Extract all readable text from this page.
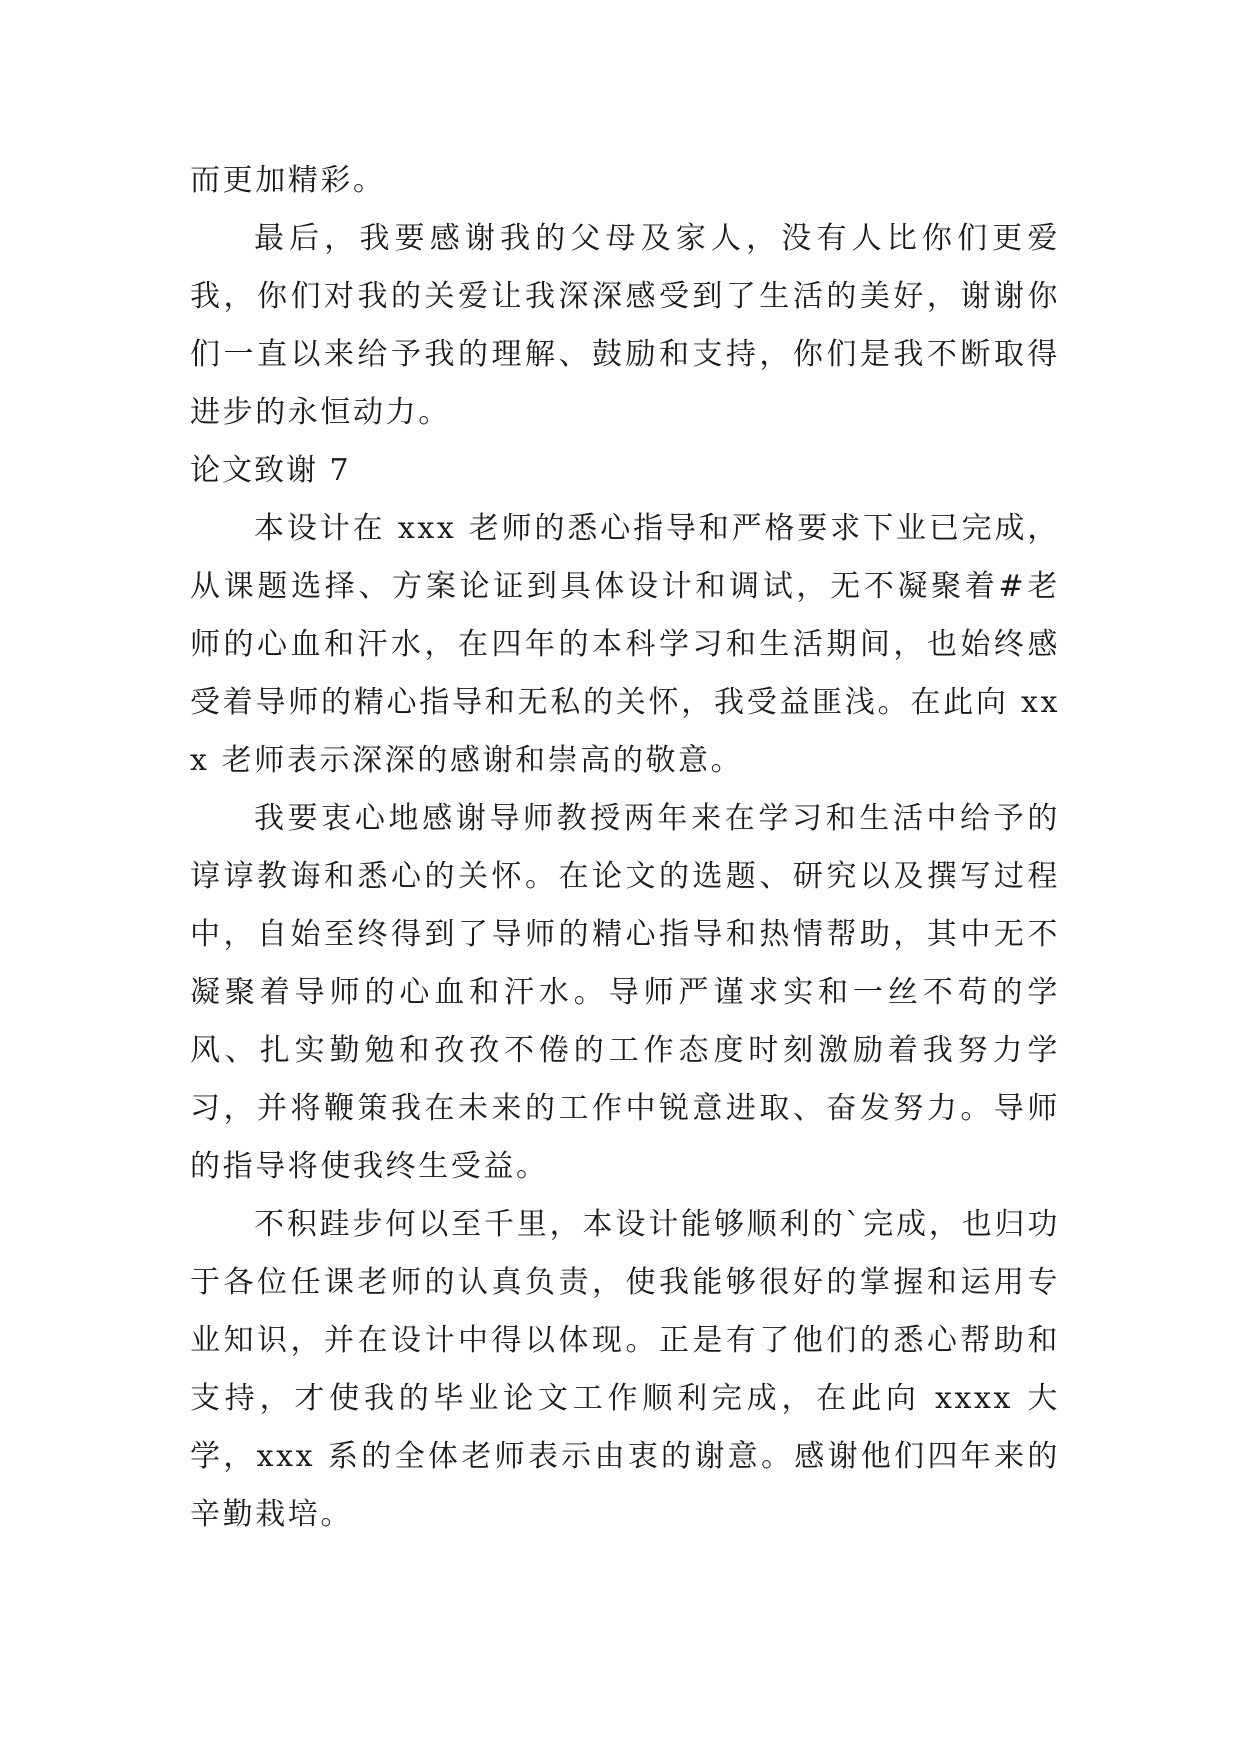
而更加精彩。

最后，我要感谢我的父母及家人，没有人比你们更爱我，你们对我的关爱让我深深感受到了生活的美好，谢谢你们一直以来给予我的理解、鼓励和支持，你们是我不断取得进步的永恒动力。

论文致谢 7

本设计在 xxx 老师的悉心指导和严格要求下业已完成，从课题选择、方案论证到具体设计和调试，无不凝聚着#老师的心血和汗水，在四年的本科学习和生活期间，也始终感受着导师的精心指导和无私的关怀，我受益匪浅。在此向 xxx 老师表示深深的感谢和崇高的敬意。

我要衷心地感谢导师教授两年来在学习和生活中给予的谆谆教诲和悉心的关怀。在论文的选题、研究以及撰写过程中，自始至终得到了导师的精心指导和热情帮助，其中无不凝聚着导师的心血和汗水。导师严谨求实和一丝不苟的学风、扎实勤勉和孜孜不倦的工作态度时刻激励着我努力学习，并将鞭策我在未来的工作中锐意进取、奋发努力。导师的指导将使我终生受益。

不积跬步何以至千里，本设计能够顺利的`完成，也归功于各位任课老师的认真负责，使我能够很好的掌握和运用专业知识，并在设计中得以体现。正是有了他们的悉心帮助和支持，才使我的毕业论文工作顺利完成，在此向 xxxx 大学，xxx 系的全体老师表示由衷的谢意。感谢他们四年来的辛勤栽培。
